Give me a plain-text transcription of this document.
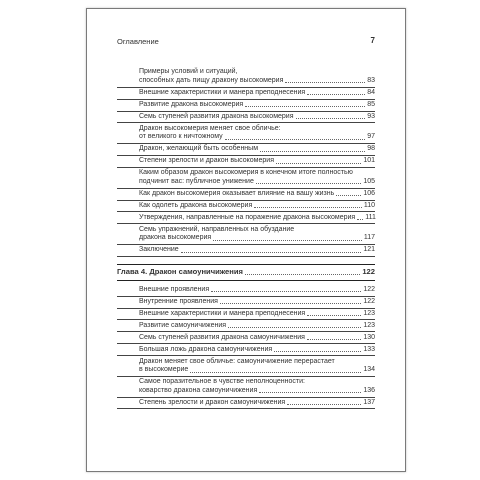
Оглавление	7
Примеры условий и ситуаций,
способных дать пищу дракону высокомерия	83
Внешние характеристики и манера преподнесения	84
Развитие дракона высокомерия	85
Семь ступеней развития дракона высокомерия	93
Дракон высокомерия меняет свое обличье:
от великого к ничтожному	97
Дракон, желающий быть особенным	98
Степени зрелости и дракон высокомерия	101
Каким образом дракон высокомерия в конечном итоге полностью
подчинит вас: публичное унижение	105
Как дракон высокомерия оказывает влияние на вашу жизнь	106
Как одолеть дракона высокомерия	110
Утверждения, направленные на поражение дракона высокомерия 111
Семь упражнений, направленных на обуздание
дракона высокомерия	117
Заключение	121
Глава 4. Дракон самоуничижения	122
Внешние проявления	122
Внутренние проявления	122
Внешние характеристики и манера преподнесения	123
Развитие самоуничижения	123
Семь ступеней развития дракона самоуничижения	130
Большая ложь дракона самоуничижения	133
Дракон меняет свое обличье: самоуничижение перерастает
в высокомерие	134
Самое поразительное в чувстве неполноценности:
коварство дракона самоуничижения	136
Степень зрелости и дракон самоуничижения	137
